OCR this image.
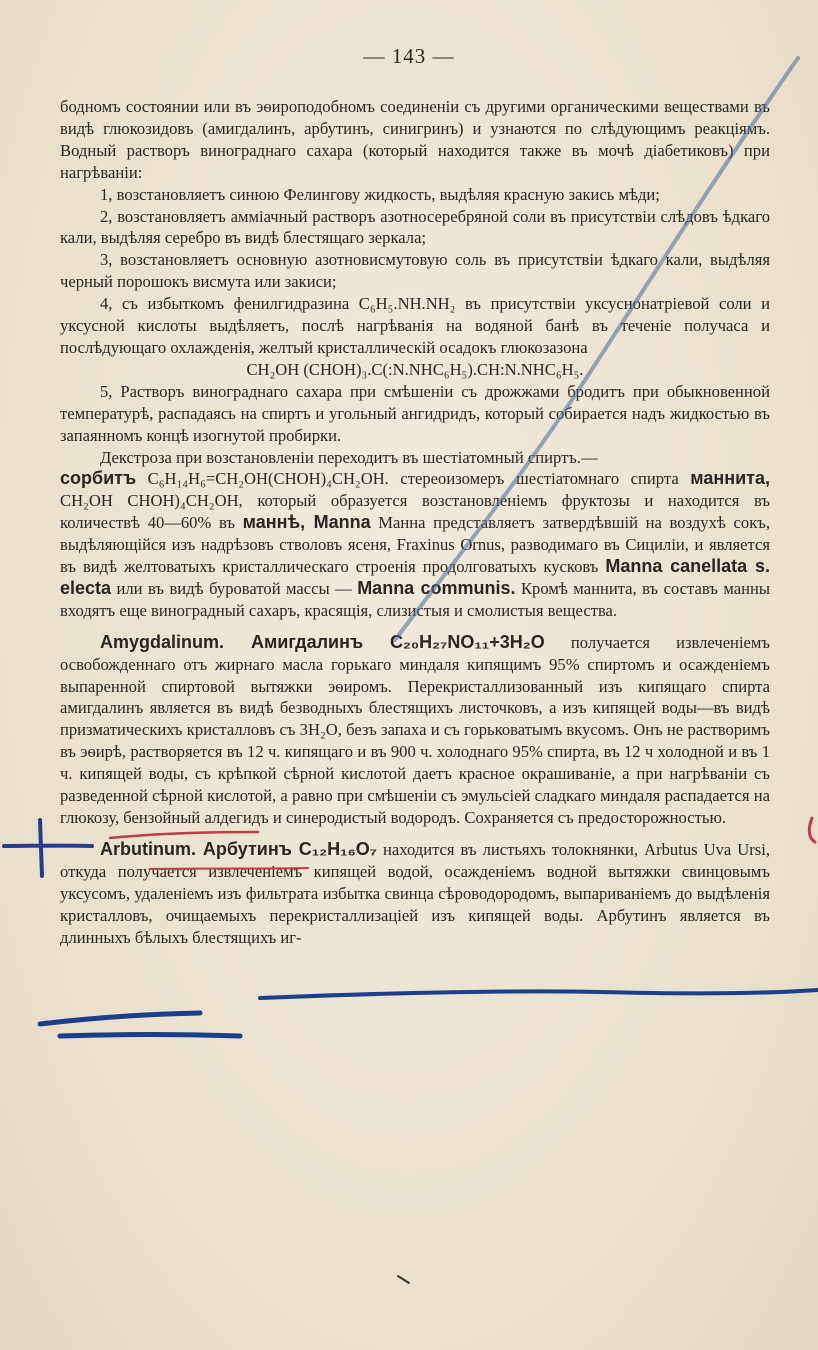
— 143 —

бодномъ состоянии или въ эѳироподобномъ соединеніи съ другими органическими веществами въ видѣ глюкозидовъ (амигдалинъ, арбутинъ, синигринъ) и узнаются по слѣдующимъ реакціямъ. Водный растворъ винограднаго сахара (который находится также въ мочѣ діабетиковъ) при нагрѣваніи:

1, возстановляетъ синюю Фелингову жидкость, выдѣляя красную закись мѣди;

2, возстановляетъ амміачный растворъ азотносеребряной соли въ присутствіи слѣдовъ ѣдкаго кали, выдѣляя серебро въ видѣ блестящаго зеркала;

3, возстановляетъ основную азотновисмутовую соль въ присутствіи ѣдкаго кали, выдѣляя черный порошокъ висмута или закиси;

4, съ избыткомъ фенилгидразина C₆H₅.NH.NH₂ въ присутствіи уксуснонатріевой соли и уксусной кислоты выдѣляетъ, послѣ нагрѣванія на водяной банѣ въ теченіе получаса и послѣдующаго охлажденія, желтый кристаллическій осадокъ глюкозазона

CH₂OH (CHOH)₃.C(:N.NHC₆H₅).CH:N.NHC₆H₅.

5, Растворъ винограднаго сахара при смѣшеніи съ дрожжами бродитъ при обыкновенной температурѣ, распадаясь на спиртъ и угольный ангидридъ, который собирается надъ жидкостью въ запаянномъ концѣ изогнутой пробирки.

Декстроза при возстановленіи переходитъ въ шестіатомный спиртъ.—

сорбитъ C₆H₁₄H₆=CH₂OH(CHOH)₄CH₂OH. стереоизомеръ шестіатомнаго спирта маннита, CH₂OH CHOH)₄CH₂OH, который образуется возстановленіемъ фруктозы и находится въ количествѣ 40—60% въ маннѣ, Manna Манна представляетъ затвердѣвшій на воздухѣ сокъ, выдѣляющійся изъ надрѣзовъ стволовъ ясеня, Fraxinus Ornus, разводимаго въ Сициліи, и является въ видѣ желтоватыхъ кристаллическаго строенія продолговатыхъ кусковъ Manna canellata s. electa или въ видѣ буроватой массы — Manna communis. Кромѣ маннита, въ составъ манны входятъ еще виноградный сахаръ, красящія, слизистыя и смолистыя вещества.

Amygdalinum. Амигдалинъ C₂₀H₂₇NO₁₁+3H₂O получается извлеченіемъ освобожденнаго отъ жирнаго масла горькаго миндаля кипящимъ 95% спиртомъ и осажденіемъ выпаренной спиртовой вытяжки эѳиромъ. Перекристаллизованный изъ кипящаго спирта амигдалинъ является въ видѣ безводныхъ блестящихъ листочковъ, а изъ кипящей воды—въ видѣ призматическихъ кристалловъ съ 3H₂O, безъ запаха и съ горьковатымъ вкусомъ. Онъ не растворимъ въ эѳирѣ, растворяется въ 12 ч. кипящаго и въ 900 ч. холоднаго 95% спирта, въ 12 ч холодной и въ 1 ч. кипящей воды, съ крѣпкой сѣрной кислотой даетъ красное окрашиваніе, а при нагрѣваніи съ разведенной сѣрной кислотой, а равно при смѣшеніи съ эмульсіей сладкаго миндаля распадается на глюкозу, бензойный алдегидъ и синеродистый водородъ. Сохраняется съ предосторожностью.

Arbutinum. Арбутинъ C₁₂H₁₆O₇ находится въ листьяхъ толокнянки, Arbutus Uva Ursi, откуда получается извлеченіемъ кипящей водой, осажденіемъ водной вытяжки свинцовымъ уксусомъ, удаленіемъ изъ фильтрата избытка свинца сѣроводородомъ, выпариваніемъ до выдѣленія кристалловъ, очищаемыхъ перекристаллизаціей изъ кипящей воды. Арбутинъ является въ длинныхъ бѣлыхъ блестящихъ иг-
